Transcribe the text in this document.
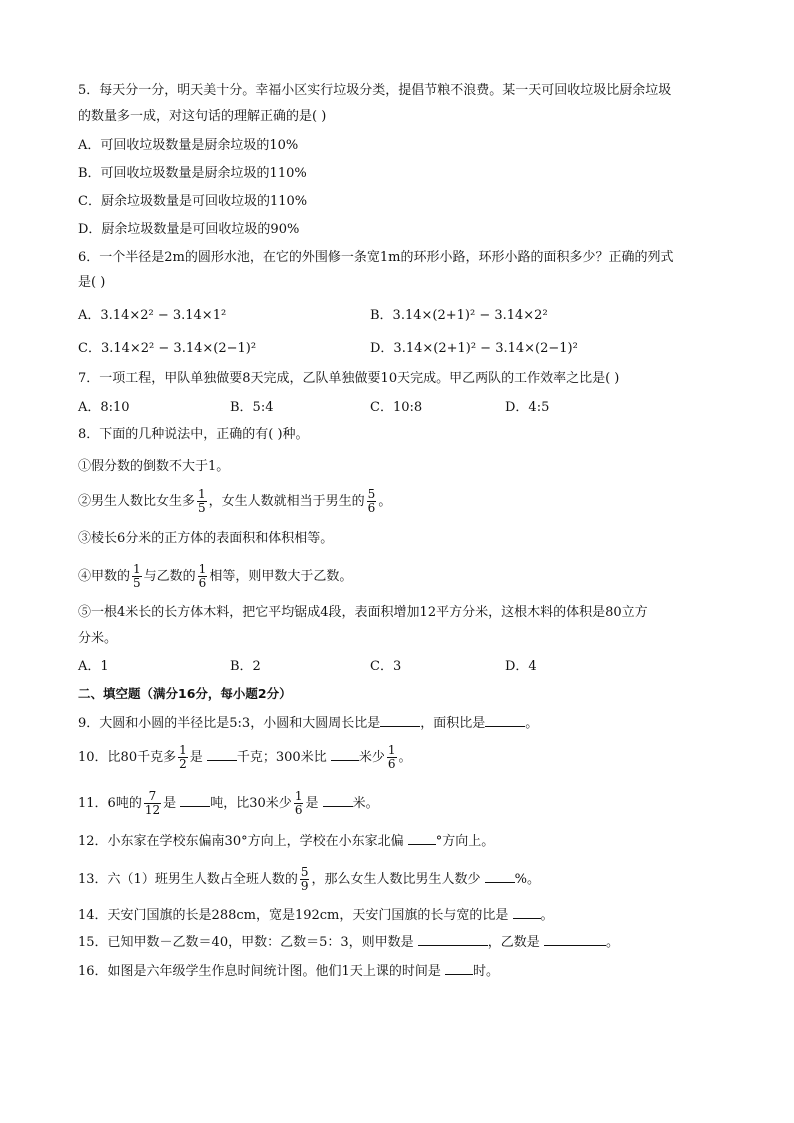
5．每天分一分，明天美十分。幸福小区实行垃圾分类，提倡节粮不浪费。某一天可回收垃圾比厨余垃圾
的数量多一成，对这句话的理解正确的是( )
A．可回收垃圾数量是厨余垃圾的10%
B．可回收垃圾数量是厨余垃圾的110%
C．厨余垃圾数量是可回收垃圾的110%
D．厨余垃圾数量是可回收垃圾的90%
6．一个半径是2m的圆形水池，在它的外围修一条宽1m的环形小路，环形小路的面积多少？正确的列式
是( )
A．3.14×2² − 3.14×1²	B．3.14×(2+1)² − 3.14×2²
C．3.14×2² − 3.14×(2−1)²	D．3.14×(2+1)² − 3.14×(2−1)²
7．一项工程，甲队单独做要8天完成，乙队单独做要10天完成。甲乙两队的工作效率之比是( )
A．8:10	B．5:4	C．10:8	D．4:5
8．下面的几种说法中，正确的有( )种。
①假分数的倒数不大于1。
②男生人数比女生多 $\frac{1}{5}$ ，女生人数就相当于男生的 $\frac{5}{6}$ 。
③棱长6分米的正方体的表面积和体积相等。
④甲数的 $\frac{1}{5}$ 与乙数的 $\frac{1}{6}$ 相等，则甲数大于乙数。
⑤一根4米长的长方体木料，把它平均锯成4段，表面积增加12平方分米，这根木料的体积是80立方
分米。
A．1	B．2	C．3	D．4
二、填空题（满分16分，每小题2分）
9．大圆和小圆的半径比是5:3，小圆和大圆周长比是	，面积比是	。
10．比80千克多 $\frac{1}{2}$ 是	千克；300米比 米少 $\frac{1}{6}$ 。
11．6吨的 $\frac{7}{12}$ 是	吨，比30米少 $\frac{1}{6}$ 是	米。
12．小东家在学校东偏南30°方向上，学校在小东家北偏 °方向上。
13．六（1）班男生人数占全班人数的 $\frac{5}{9}$ ，那么女生人数比男生人数少	%。
14．天安门国旗的长是288cm，宽是192cm，天安门国旗的长与宽的比是 。
15．已知甲数－乙数＝40，甲数：乙数＝5：3，则甲数是	，乙数是	。
16．如图是六年级学生作息时间统计图。他们1天上课的时间是 时。
